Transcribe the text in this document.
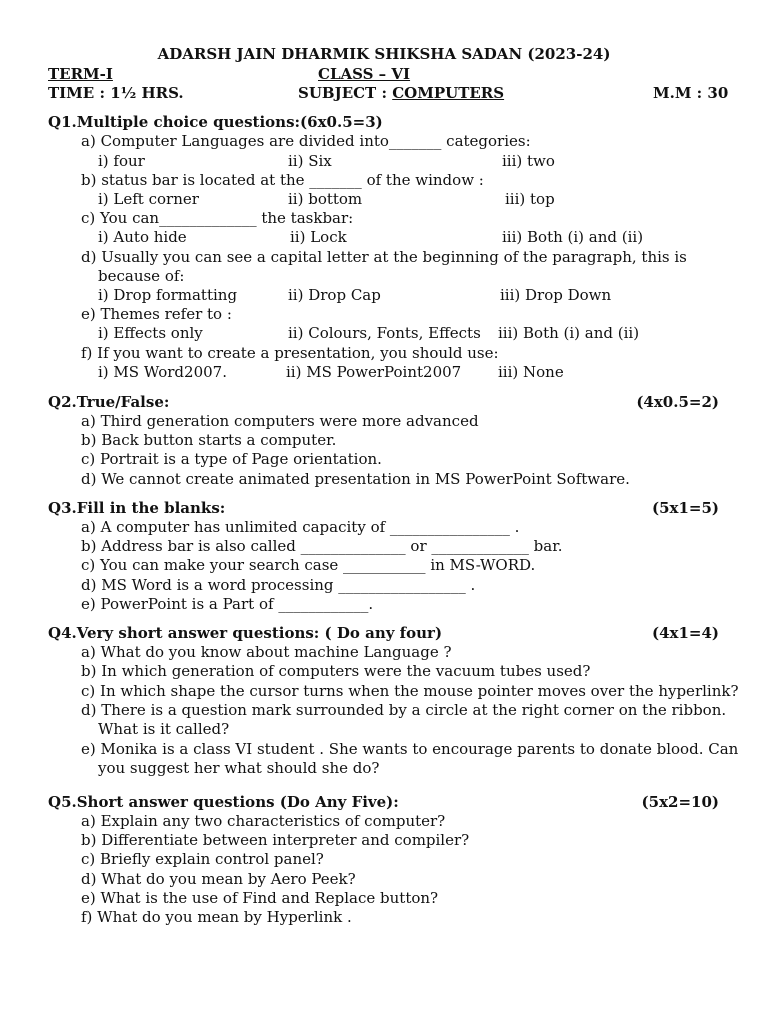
ADARSH JAIN DHARMIK SHIKSHA SADAN (2023-24)
TERM-I	CLASS – VI
TIME : 1½ HRS.	SUBJECT : COMPUTERS	M.M : 30
Q1.Multiple choice questions:(6x0.5=3)
a) Computer Languages are divided into_______ categories:
i) four	ii) Six	iii) two
b) status bar is located at the _______ of the window :
i) Left corner	ii) bottom	iii) top
c) You can_____________ the taskbar:
i) Auto hide	ii) Lock	iii) Both (i) and (ii)
d) Usually you can see a capital letter at the beginning of the paragraph, this is
because of:
i) Drop formatting	ii) Drop Cap	iii) Drop Down
e) Themes refer to :
i) Effects only	ii) Colours, Fonts, Effects iii) Both (i) and (ii)
f) If you want to create a presentation, you should use:
i) MS Word2007.	ii) MS PowerPoint2007 iii) None
Q2.True/False:	(4x0.5=2)
a) Third generation computers were more advanced
b) Back button starts a computer.
c) Portrait is a type of Page orientation.
d) We cannot create animated presentation in MS PowerPoint Software.
Q3.Fill in the blanks:	(5x1=5)
a) A computer has unlimited capacity of ________________ .
b) Address bar is also called ______________ or _____________ bar.
c) You can make your search case ___________ in MS-WORD.
d) MS Word is a word processing _________________ .
e) PowerPoint is a Part of ____________.
Q4.Very short answer questions: ( Do any four)	(4x1=4)
a) What do you know about machine Language ?
b) In which generation of computers were the vacuum tubes used?
c) In which shape the cursor turns when the mouse pointer moves over the hyperlink?
d) There is a question mark surrounded by a circle at the right corner on the ribbon.
What is it called?
e) Monika is a class VI student . She wants to encourage parents to donate blood. Can
you suggest her what should she do?
Q5.Short answer questions (Do Any Five):	(5x2=10)
a) Explain any two characteristics of computer?
b) Differentiate between interpreter and compiler?
c) Briefly explain control panel?
d) What do you mean by Aero Peek?
e) What is the use of Find and Replace button?
f) What do you mean by Hyperlink .
